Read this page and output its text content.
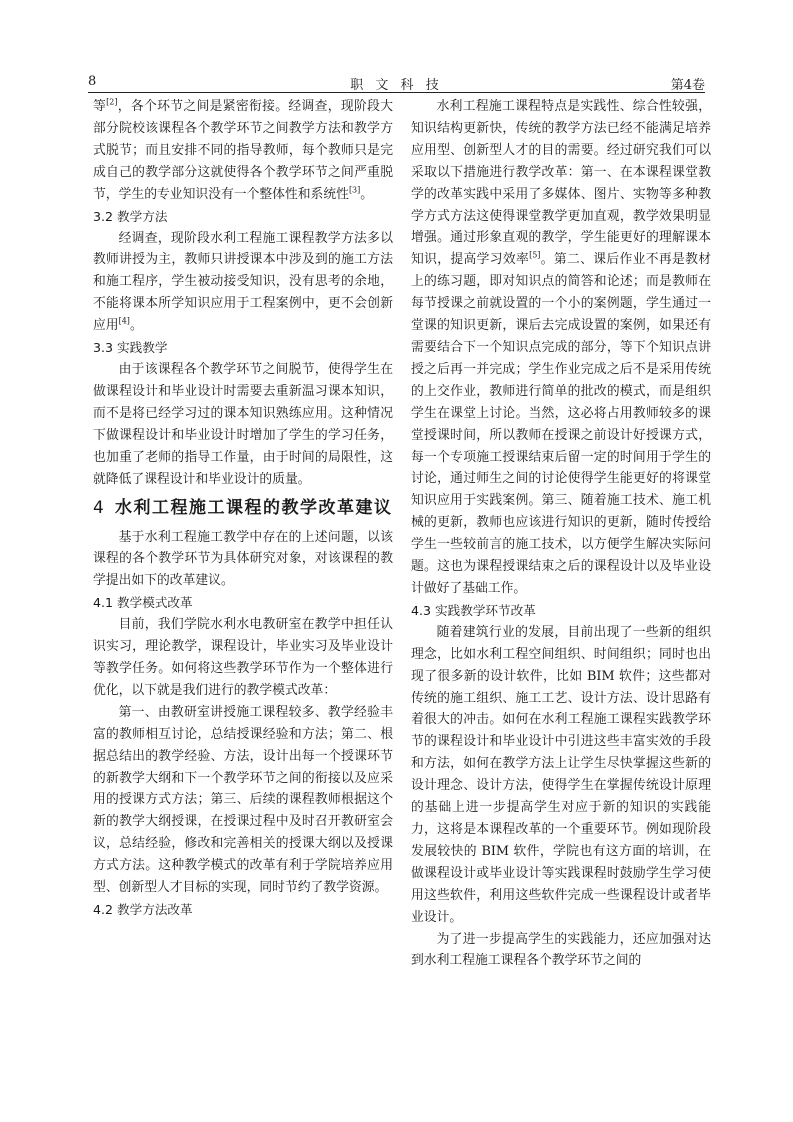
8	职 文 科 技	第4卷

等[2]，各个环节之间是紧密衔接。经调查，现阶段大部分院校该课程各个教学环节之间教学方法和教学方式脱节；而且安排不同的指导教师，每个教师只是完成自己的教学部分这就使得各个教学环节之间严重脱节，学生的专业知识没有一个整体性和系统性[3]。

3.2 教学方法

经调查，现阶段水利工程施工课程教学方法多以教师讲授为主，教师只讲授课本中涉及到的施工方法和施工程序，学生被动接受知识，没有思考的余地，不能将课本所学知识应用于工程案例中，更不会创新应用[4]。

3.3 实践教学

由于该课程各个教学环节之间脱节，使得学生在做课程设计和毕业设计时需要去重新温习课本知识，而不是将已经学习过的课本知识熟练应用。这种情况下做课程设计和毕业设计时增加了学生的学习任务，也加重了老师的指导工作量，由于时间的局限性，这就降低了课程设计和毕业设计的质量。

4 水利工程施工课程的教学改革建议

基于水利工程施工教学中存在的上述问题，以该课程的各个教学环节为具体研究对象，对该课程的教学提出如下的改革建议。

4.1 教学模式改革

目前，我们学院水利水电教研室在教学中担任认识实习，理论教学，课程设计，毕业实习及毕业设计等教学任务。如何将这些教学环节作为一个整体进行优化，以下就是我们进行的教学模式改革：

第一、由教研室讲授施工课程较多、教学经验丰富的教师相互讨论，总结授课经验和方法；第二、根据总结出的教学经验、方法，设计出每一个授课环节的新教学大纲和下一个教学环节之间的衔接以及应采用的授课方式方法；第三、后续的课程教师根据这个新的教学大纲授课，在授课过程中及时召开教研室会议，总结经验，修改和完善相关的授课大纲以及授课方式方法。这种教学模式的改革有利于学院培养应用型、创新型人才目标的实现，同时节约了教学资源。

4.2 教学方法改革

水利工程施工课程特点是实践性、综合性较强，知识结构更新快，传统的教学方法已经不能满足培养应用型、创新型人才的目的需要。经过研究我们可以采取以下措施进行教学改革：第一、在本课程课堂教学的改革实践中采用了多媒体、图片、实物等多种教学方式方法这使得课堂教学更加直观，教学效果明显增强。通过形象直观的教学，学生能更好的理解课本知识，提高学习效率[5]。第二、课后作业不再是教材上的练习题，即对知识点的简答和论述；而是教师在每节授课之前就设置的一个小的案例题，学生通过一堂课的知识更新，课后去完成设置的案例，如果还有需要结合下一个知识点完成的部分，等下个知识点讲授之后再一并完成；学生作业完成之后不是采用传统的上交作业，教师进行简单的批改的模式，而是组织学生在课堂上讨论。当然，这必将占用教师较多的课堂授课时间，所以教师在授课之前设计好授课方式，每一个专项施工授课结束后留一定的时间用于学生的讨论，通过师生之间的讨论使得学生能更好的将课堂知识应用于实践案例。第三、随着施工技术、施工机械的更新，教师也应该进行知识的更新，随时传授给学生一些较前言的施工技术，以方便学生解决实际问题。这也为课程授课结束之后的课程设计以及毕业设计做好了基础工作。

4.3 实践教学环节改革

随着建筑行业的发展，目前出现了一些新的组织理念，比如水利工程空间组织、时间组织；同时也出现了很多新的设计软件，比如 BIM 软件；这些都对传统的施工组织、施工工艺、设计方法、设计思路有着很大的冲击。如何在水利工程施工课程实践教学环节的课程设计和毕业设计中引进这些丰富实效的手段和方法，如何在教学方法上让学生尽快掌握这些新的设计理念、设计方法，使得学生在掌握传统设计原理的基础上进一步提高学生对应于新的知识的实践能力，这将是本课程改革的一个重要环节。例如现阶段发展较快的 BIM 软件，学院也有这方面的培训，在做课程设计或毕业设计等实践课程时鼓励学生学习使用这些软件，利用这些软件完成一些课程设计或者毕业设计。

为了进一步提高学生的实践能力，还应加强对达到水利工程施工课程各个教学环节之间的
